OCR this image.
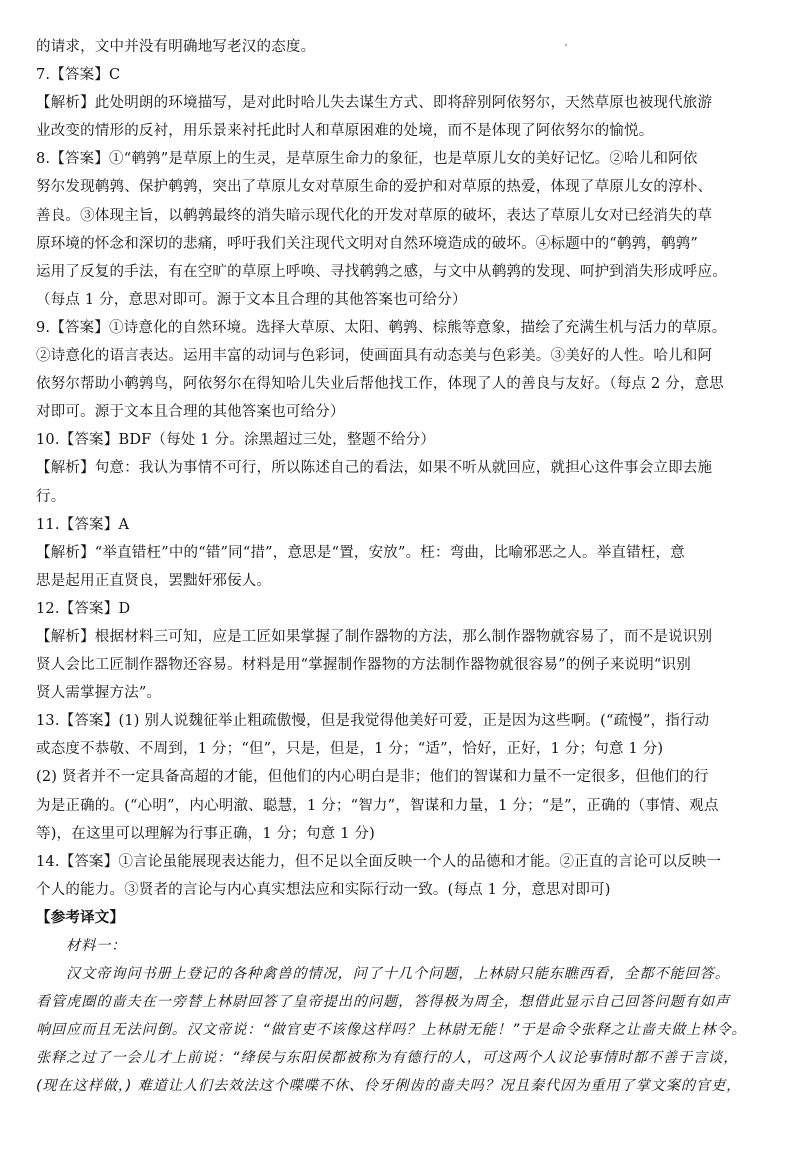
的请求，文中并没有明确地写老汉的态度。
7.【答案】C
【解析】此处明朗的环境描写，是对此时哈儿失去谋生方式、即将辞别阿依努尔，天然草原也被现代旅游
业改变的情形的反衬，用乐景来衬托此时人和草原困难的处境，而不是体现了阿依努尔的愉悦。
8.【答案】①“鹌鹑”是草原上的生灵，是草原生命力的象征，也是草原儿女的美好记忆。②哈儿和阿依
努尔发现鹌鹑、保护鹌鹑，突出了草原儿女对草原生命的爱护和对草原的热爱，体现了草原儿女的淳朴、
善良。③体现主旨，以鹌鹑最终的消失暗示现代化的开发对草原的破坏，表达了草原儿女对已经消失的草
原环境的怀念和深切的悲痛，呼吁我们关注现代文明对自然环境造成的破坏。④标题中的“鹌鹑，鹌鹑”
运用了反复的手法，有在空旷的草原上呼唤、寻找鹌鹑之感，与文中从鹌鹑的发现、呵护到消失形成呼应。
（每点 1 分，意思对即可。源于文本且合理的其他答案也可给分）
9.【答案】①诗意化的自然环境。选择大草原、太阳、鹌鹑、棕熊等意象，描绘了充满生机与活力的草原。
②诗意化的语言表达。运用丰富的动词与色彩词，使画面具有动态美与色彩美。③美好的人性。哈儿和阿
依努尔帮助小鹌鹑鸟，阿依努尔在得知哈儿失业后帮他找工作，体现了人的善良与友好。（每点 2 分，意思
对即可。源于文本且合理的其他答案也可给分）
10.【答案】BDF（每处 1 分。涂黑超过三处，整题不给分）
【解析】句意：我认为事情不可行，所以陈述自己的看法，如果不听从就回应，就担心这件事会立即去施
行。
11.【答案】A
【解析】“举直错枉”中的“错”同“措”，意思是“置，安放”。枉：弯曲，比喻邪恶之人。举直错枉，意
思是起用正直贤良，罢黜奸邪佞人。
12.【答案】D
【解析】根据材料三可知，应是工匠如果掌握了制作器物的方法，那么制作器物就容易了，而不是说识别
贤人会比工匠制作器物还容易。材料是用“掌握制作器物的方法制作器物就很容易”的例子来说明“识别
贤人需掌握方法”。
13.【答案】(1) 别人说魏征举止粗疏傲慢，但是我觉得他美好可爱，正是因为这些啊。(“疏慢”，指行动
或态度不恭敬、不周到，1 分；“但”，只是，但是，1 分；“适”，恰好，正好，1 分；句意 1 分)
(2) 贤者并不一定具备高超的才能，但他们的内心明白是非；他们的智谋和力量不一定很多，但他们的行
为是正确的。(“心明”，内心明澈、聪慧，1 分；“智力”，智谋和力量，1 分；“是”，正确的（事情、观点
等)，在这里可以理解为行事正确，1 分；句意 1 分)
14.【答案】①言论虽能展现表达能力，但不足以全面反映一个人的品德和才能。②正直的言论可以反映一
个人的能力。③贤者的言论与内心真实想法应和实际行动一致。(每点 1 分，意思对即可)
【参考译文】
材料一：
汉文帝询问书册上登记的各种禽兽的情况，问了十几个问题，上林尉只能东瞧西看，全都不能回答。
看管虎圈的啬夫在一旁替上林尉回答了皇帝提出的问题，答得极为周全，想借此显示自己回答问题有如声
响回应而且无法问倒。汉文帝说：“做官吏不该像这样吗？上林尉无能！”于是命令张释之让啬夫做上林令。
张释之过了一会儿才上前说：“绛侯与东阳侯都被称为有德行的人，可这两个人议论事情时都不善于言谈，
(现在这样做，) 难道让人们去效法这个喋喋不休、伶牙俐齿的啬夫吗？况且秦代因为重用了掌文案的官吏，
